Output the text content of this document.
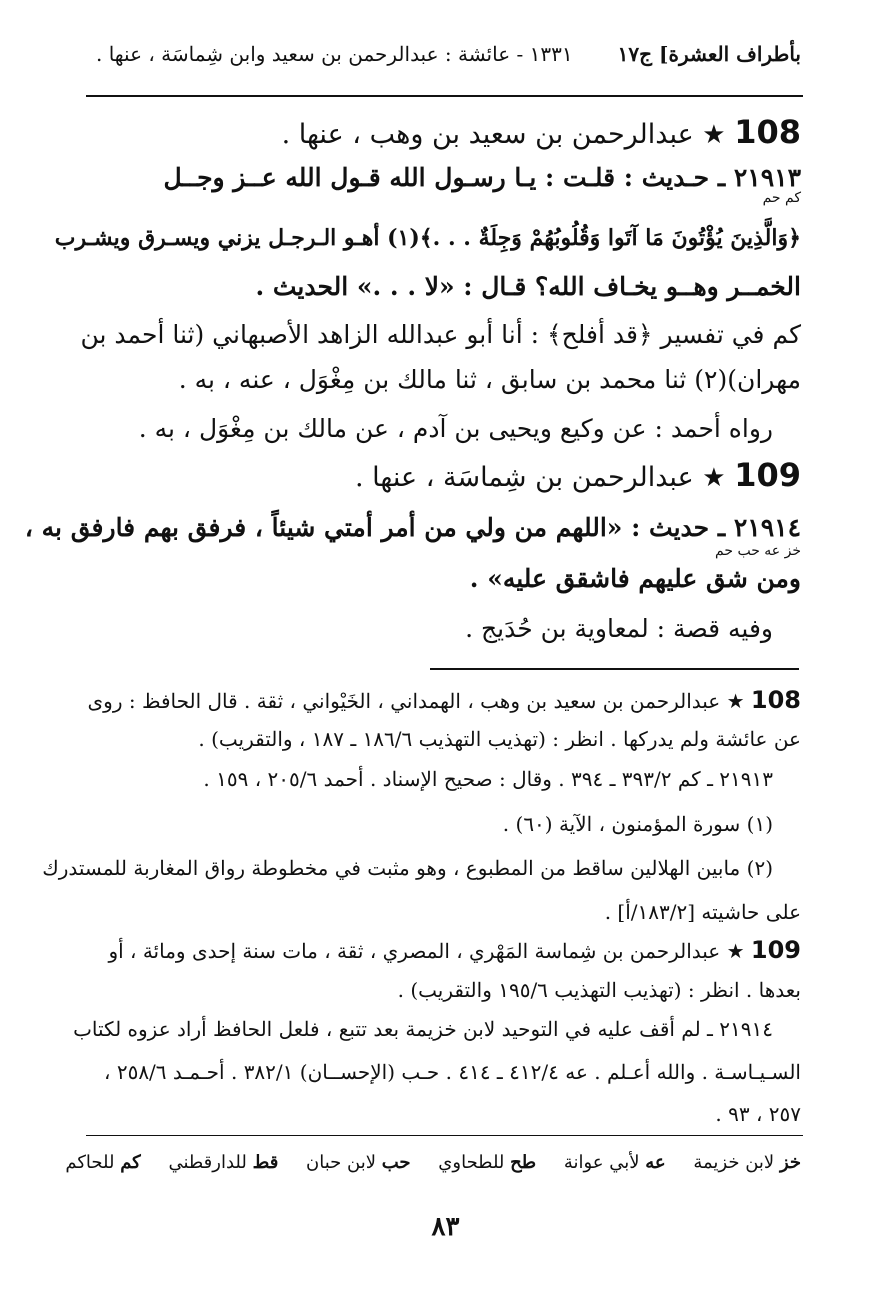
بأطراف العشرة] ج١٧
١٣٣١ - عائشة : عبدالرحمن بن سعيد وابن شِماسَة ، عنها .
108 ★ عبدالرحمن بن سعيد بن وهب ، عنها .
٢١٩١٣ ـ حـديث : قلـت : يـا رسـول الله قـول الله عــز وجــل
كم حم
﴿وَالَّذِينَ يُؤْتُونَ مَا آتَوا وَقُلُوبُهُمْ وَجِلَةٌ . . .﴾(١) أهـو الـرجـل يزني ويسـرق ويشـرب
الخمــر وهــو يخـاف الله؟ قـال : «لا . . .» الحديث .
كم في تفسير ﴿قد أفلح﴾ : أنا أبو عبدالله الزاهد الأصبهاني (ثنا أحمد بن
مهران)(٢) ثنا محمد بن سابق ، ثنا مالك بن مِغْوَل ، عنه ، به .
رواه أحمد : عن وكيع ويحيى بن آدم ، عن مالك بن مِغْوَل ، به .
109 ★ عبدالرحمن بن شِماسَة ، عنها .
٢١٩١٤ ـ حديث : «اللهم من ولي من أمر أمتي شيئاً ، فرفق بهم فارفق به ،
خز عه حب حم
ومن شق عليهم فاشقق عليه» .
وفيه قصة : لمعاوية بن حُدَيج .
108 ★ عبدالرحمن بن سعيد بن وهب ، الهمداني ، الخَيْواني ، ثقة . قال الحافظ : روى
عن عائشة ولم يدركها . انظر : (تهذيب التهذيب ١٨٦/٦ ـ ١٨٧ ، والتقريب) .
٢١٩١٣ ـ كم ٣٩٣/٢ ـ ٣٩٤ . وقال : صحيح الإسناد . أحمد ٢٠٥/٦ ، ١٥٩ .
(١) سورة المؤمنون ، الآية (٦٠) .
(٢) مابين الهلالين ساقط من المطبوع ، وهو مثبت في مخطوطة رواق المغاربة للمستدرك
على حاشيته [١٨٣/٢/أ] .
109 ★ عبدالرحمن بن شِماسة المَهْري ، المصري ، ثقة ، مات سنة إحدى ومائة ، أو
بعدها . انظر : (تهذيب التهذيب ١٩٥/٦ والتقريب) .
٢١٩١٤ ـ لم أقف عليه في التوحيد لابن خزيمة بعد تتبع ، فلعل الحافظ أراد عزوه لكتاب
السـيـاسـة . والله أعـلم . عه ٤١٢/٤ ـ ٤١٤ . حـب (الإحســان) ٣٨٢/١ . أحـمـد ٢٥٨/٦ ،
٢٥٧ ، ٩٣ .
خز لابن خزيمة عه لأبي عوانة طح للطحاوي حب لابن حبان قط للدارقطني كم للحاكم
٨٣
